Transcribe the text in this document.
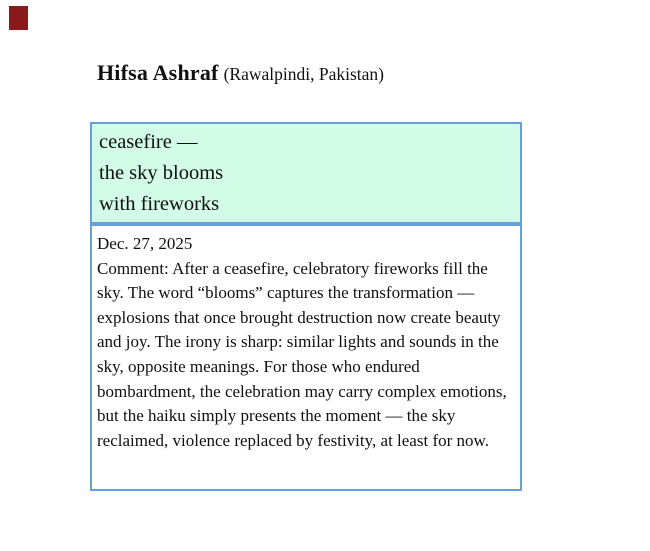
Hifsa Ashraf (Rawalpindi, Pakistan)
ceasefire —
the sky blooms
with fireworks
Dec. 27, 2025

Comment: After a ceasefire, celebratory fireworks fill the sky. The word “blooms” captures the transformation — explosions that once brought destruction now create beauty and joy. The irony is sharp: similar lights and sounds in the sky, opposite meanings. For those who endured bombardment, the celebration may carry complex emotions, but the haiku simply presents the moment — the sky reclaimed, violence replaced by festivity, at least for now.
